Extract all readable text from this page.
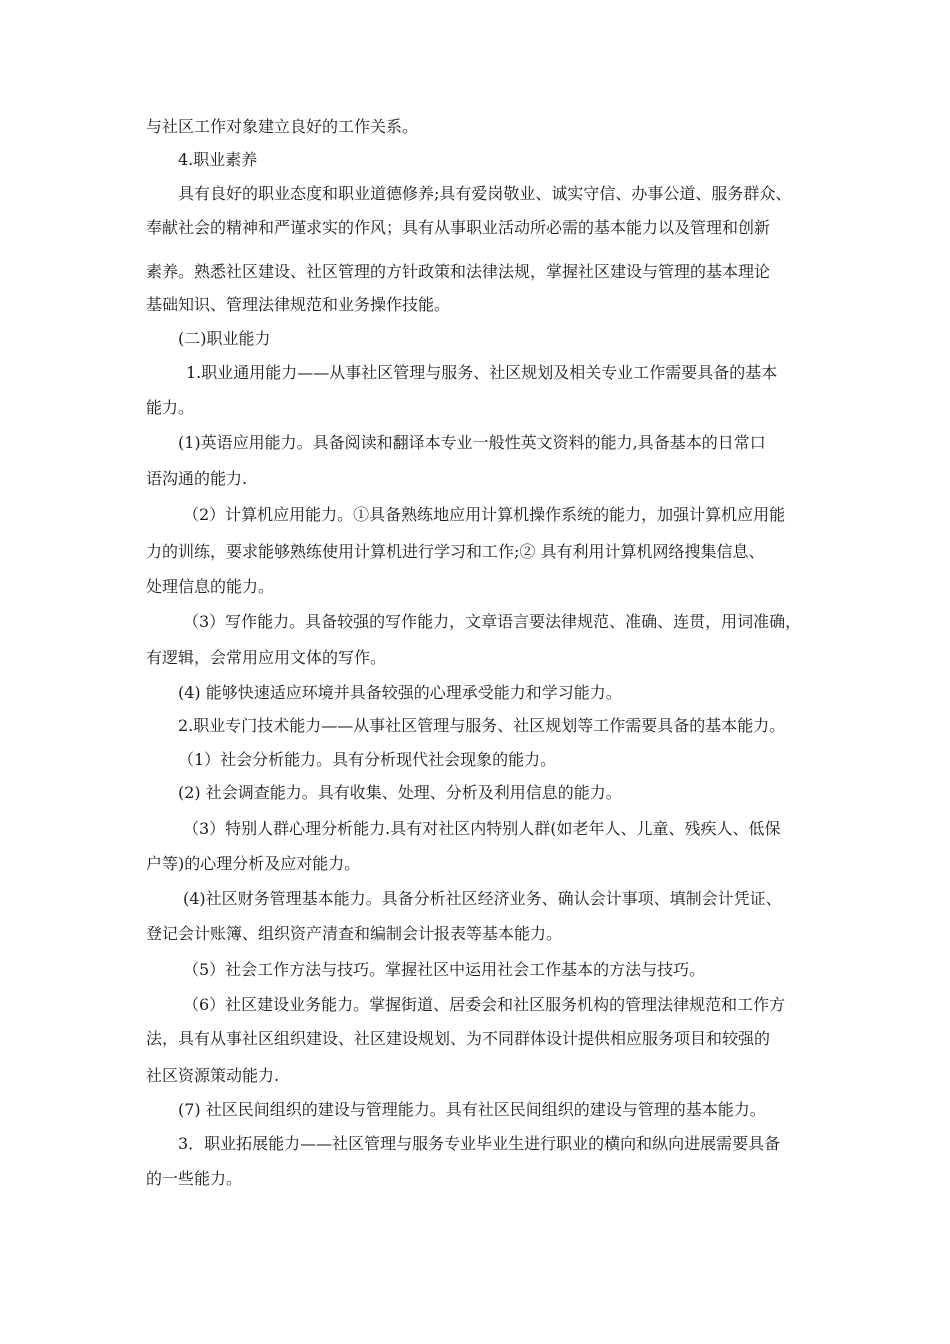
与社区工作对象建立良好的工作关系。

4.职业素养

具有良好的职业态度和职业道德修养;具有爱岗敬业、诚实守信、办事公道、服务群众、

奉献社会的精神和严谨求实的作风；具有从事职业活动所必需的基本能力以及管理和创新

素养。熟悉社区建设、社区管理的方针政策和法律法规，掌握社区建设与管理的基本理论

基础知识、管理法律规范和业务操作技能。

(二)职业能力

1.职业通用能力——从事社区管理与服务、社区规划及相关专业工作需要具备的基本

能力。

(1)英语应用能力。具备阅读和翻译本专业一般性英文资料的能力,具备基本的日常口

语沟通的能力.

（2）计算机应用能力。①具备熟练地应用计算机操作系统的能力，加强计算机应用能

力的训练，要求能够熟练使用计算机进行学习和工作;② 具有利用计算机网络搜集信息、

处理信息的能力。

（3）写作能力。具备较强的写作能力，文章语言要法律规范、准确、连贯，用词准确，

有逻辑，会常用应用文体的写作。

(4) 能够快速适应环境并具备较强的心理承受能力和学习能力。

2.职业专门技术能力——从事社区管理与服务、社区规划等工作需要具备的基本能力。

（1）社会分析能力。具有分析现代社会现象的能力。

(2) 社会调查能力。具有收集、处理、分析及利用信息的能力。

（3）特别人群心理分析能力.具有对社区内特别人群(如老年人、儿童、残疾人、低保

户等)的心理分析及应对能力。

(4)社区财务管理基本能力。具备分析社区经济业务、确认会计事项、填制会计凭证、

登记会计账簿、组织资产清查和编制会计报表等基本能力。

（5）社会工作方法与技巧。掌握社区中运用社会工作基本的方法与技巧。

（6）社区建设业务能力。掌握街道、居委会和社区服务机构的管理法律规范和工作方

法，具有从事社区组织建设、社区建设规划、为不同群体设计提供相应服务项目和较强的

社区资源策动能力.

(7) 社区民间组织的建设与管理能力。具有社区民间组织的建设与管理的基本能力。

3．职业拓展能力——社区管理与服务专业毕业生进行职业的横向和纵向进展需要具备

的一些能力。
